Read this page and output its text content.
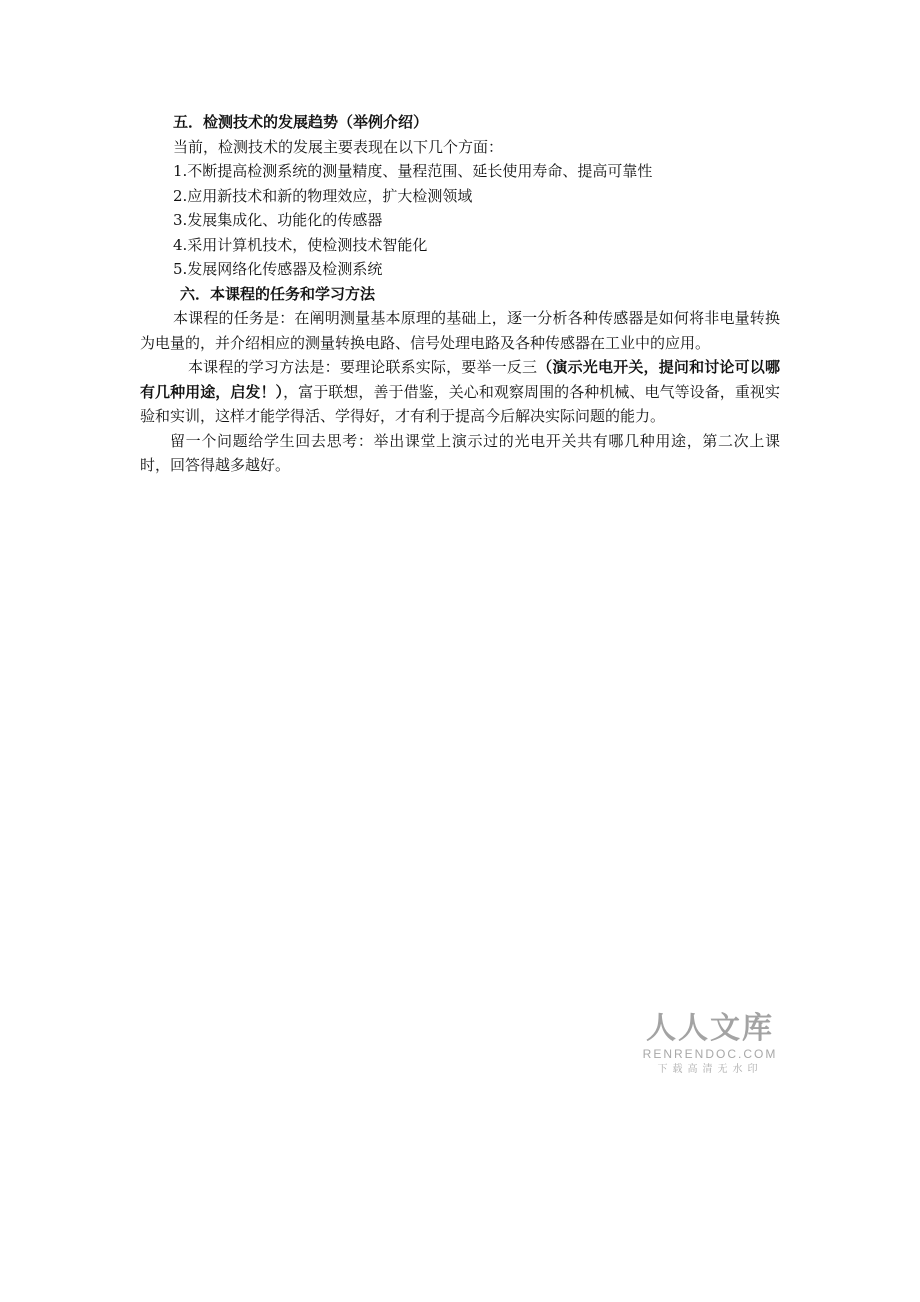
五．检测技术的发展趋势（举例介绍）

当前，检测技术的发展主要表现在以下几个方面：

1.不断提高检测系统的测量精度、量程范围、延长使用寿命、提高可靠性

2.应用新技术和新的物理效应，扩大检测领域

3.发展集成化、功能化的传感器

4.采用计算机技术，使检测技术智能化

5.发展网络化传感器及检测系统

六．本课程的任务和学习方法

本课程的任务是：在阐明测量基本原理的基础上，逐一分析各种传感器是如何将非电量转换为电量的，并介绍相应的测量转换电路、信号处理电路及各种传感器在工业中的应用。

本课程的学习方法是：要理论联系实际，要举一反三（演示光电开关，提问和讨论可以哪有几种用途，启发！），富于联想，善于借鉴，关心和观察周围的各种机械、电气等设备，重视实验和实训，这样才能学得活、学得好，才有利于提高今后解决实际问题的能力。

留一个问题给学生回去思考：举出课堂上演示过的光电开关共有哪几种用途，第二次上课时，回答得越多越好。

人人文库
RENRENDOC.COM
下载高清无水印
